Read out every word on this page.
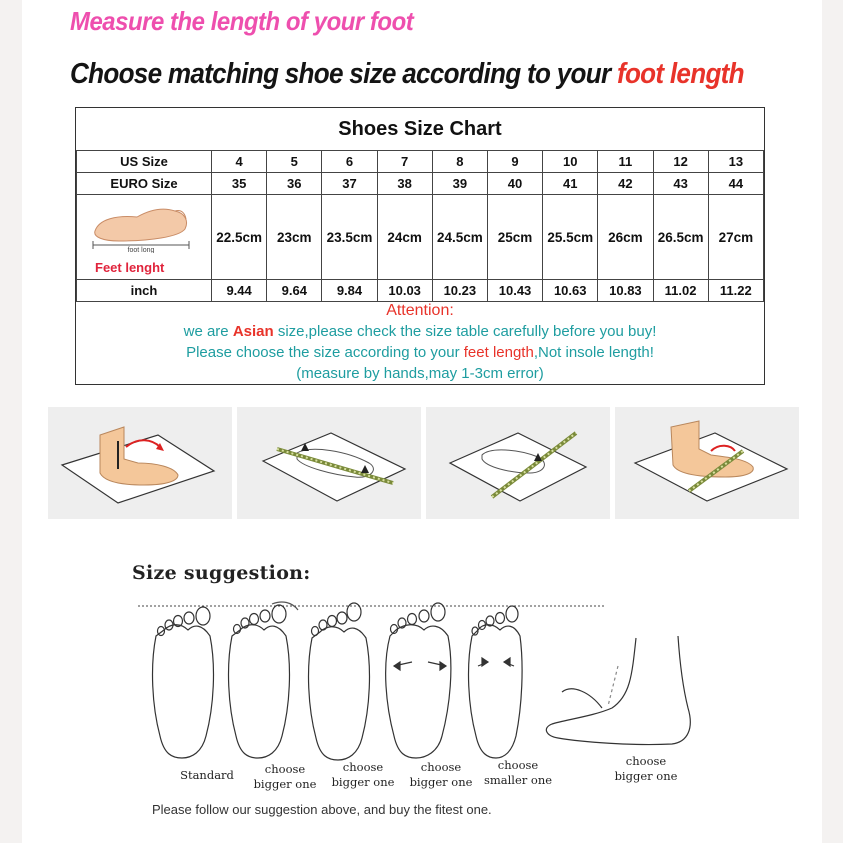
Measure the length of your foot
Choose matching shoe size according to your foot length
Shoes Size Chart
US Size	4	5	6	7	8	9	10	11	12	13
EURO Size	35	36	37	38	39	40	41	42	43	44

foot long
Feet lenght	22.5cm	23cm	23.5cm	24cm	24.5cm	25cm	25.5cm	26cm	26.5cm	27cm
inch	9.44	9.64	9.84	10.03	10.23	10.43	10.63	10.83	11.02	11.22
Attention:
we are Asian size,please check the size table carefully before you buy!
Please choose the size according to your feet length,Not insole length!
(measure by hands,may 1-3cm error)
Size suggestion:
Standard	choose bigger one
choose bigger one
choose bigger one
choose smaller one
choose bigger one
Please follow our suggestion above, and buy the fitest one.
